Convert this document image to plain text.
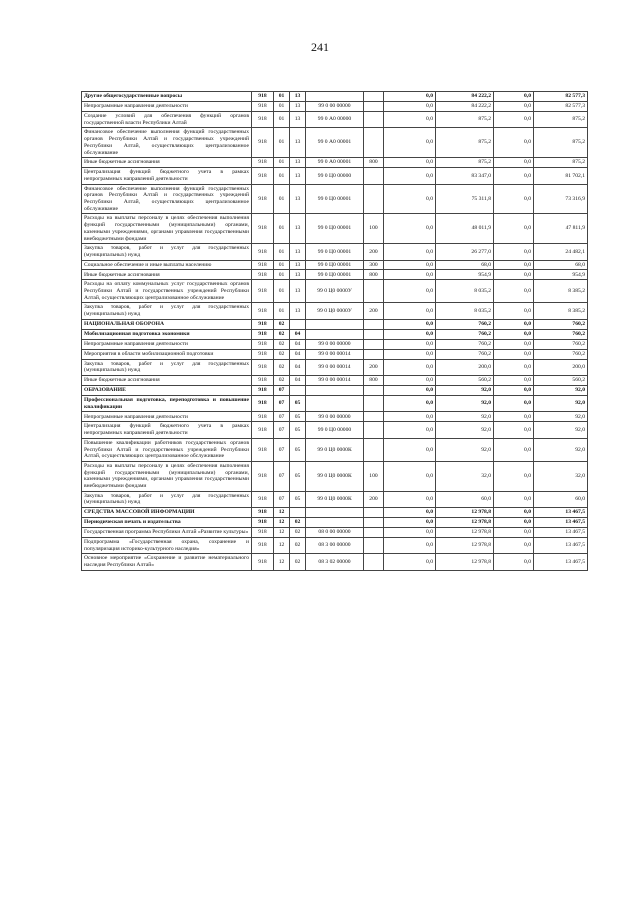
241
Другие общегосударственные вопросы	918	01	13			0,0	84 222,2	0,0	82 577,3
Непрограммные направления деятельности	918	01	13	99 0 00 00000		0,0	84 222,2	0,0	82 577,3
Создание условий для обеспечения функций органов государственной власти Республики Алтай	918	01	13	99 0 А0 00000		0,0	875,2	0,0	875,2
Финансовое обеспечение выполнения функций государственных органов Республики Алтай и государственных учреждений Республики Алтай, осуществляющих централизованное обслуживание	918	01	13	99 0 А0 00001		0,0	875,2	0,0	875,2
Иные бюджетные ассигнования	918	01	13	99 0 А0 00001	800	0,0	875,2	0,0	875,2
Централизация функций бюджетного учета в рамках непрограммных направлений деятельности	918	01	13	99 0 Ц0 00000		0,0	83 347,0	0,0	81 702,1
Финансовое обеспечение выполнения функций государственных органов Республики Алтай и государственных учреждений Республики Алтай, осуществляющих централизованное обслуживание	918	01	13	99 0 Ц0 00001		0,0	75 311,8	0,0	73 316,9
Расходы на выплаты персоналу в целях обеспечения выполнения функций государственными (муниципальными) органами, казенными учреждениями, органами управления государственными внебюджетными фондами	918	01	13	99 0 Ц0 00001	100	0,0	48 011,9	0,0	47 811,9
Закупка товаров, работ и услуг для государственных (муниципальных) нужд	918	01	13	99 0 Ц0 00001	200	0,0	26 277,0	0,0	24 482,1
Социальное обеспечение и иные выплаты населению	918	01	13	99 0 Ц0 00001	300	0,0	68,0	0,0	68,0
Иные бюджетные ассигнования	918	01	13	99 0 Ц0 00001	800	0,0	954,9	0,0	954,9
Расходы на оплату коммунальных услуг государственных органов Республики Алтай и государственных учреждений Республики Алтай, осуществляющих централизованное обслуживание	918	01	13	99 0 Ц0 0000У		0,0	8 035,2	0,0	8 385,2
Закупка товаров, работ и услуг для государственных (муниципальных) нужд	918	01	13	99 0 Ц0 0000У	200	0,0	8 035,2	0,0	8 385,2
НАЦИОНАЛЬНАЯ ОБОРОНА	918	02				0,0	760,2	0,0	760,2
Мобилизационная подготовка экономики	918	02	04			0,0	760,2	0,0	760,2
Непрограммные направления деятельности	918	02	04	99 0 00 00000		0,0	760,2	0,0	760,2
Мероприятия в области мобилизационной подготовки	918	02	04	99 0 00 00014		0,0	760,2	0,0	760,2
Закупка товаров, работ и услуг для государственных (муниципальных) нужд	918	02	04	99 0 00 00014	200	0,0	200,0	0,0	200,0
Иные бюджетные ассигнования	918	02	04	99 0 00 00014	800	0,0	560,2	0,0	560,2
ОБРАЗОВАНИЕ	918	07				0,0	92,0	0,0	92,0
Профессиональная подготовка, переподготовка и повышение квалификации	918	07	05			0,0	92,0	0,0	92,0
Непрограммные направления деятельности	918	07	05	99 0 00 00000		0,0	92,0	0,0	92,0
Централизация функций бюджетного учета в рамках непрограммных направлений деятельности	918	07	05	99 0 Ц0 00000		0,0	92,0	0,0	92,0
Повышение квалификации работников государственных органов Республики Алтай и государственных учреждений Республики Алтай, осуществляющих централизованное обслуживание	918	07	05	99 0 Ц0 0000К		0,0	92,0	0,0	92,0
Расходы на выплаты персоналу в целях обеспечения выполнения функций государственными (муниципальными) органами, казенными учреждениями, органами управления государственными внебюджетными фондами	918	07	05	99 0 Ц0 0000К	100	0,0	32,0	0,0	32,0
Закупка товаров, работ и услуг для государственных (муниципальных) нужд	918	07	05	99 0 Ц0 0000К	200	0,0	60,0	0,0	60,0
СРЕДСТВА МАССОВОЙ ИНФОРМАЦИИ	918	12				0,0	12 978,8	0,0	13 467,5
Периодическая печать и издательства	918	12	02			0,0	12 978,8	0,0	13 467,5
Государственная программа Республики Алтай «Развитие культуры»	918	12	02	08 0 00 00000		0,0	12 978,8	0,0	13 467,5
Подпрограмма «Государственная охрана, сохранение и популяризация историко-культурного наследия»	918	12	02	08 3 00 00000		0,0	12 978,8	0,0	13 467,5
Основное мероприятие «Сохранение и развитие нематериального наследия Республики Алтай»	918	12	02	08 3 02 00000		0,0	12 978,8	0,0	13 467,5
